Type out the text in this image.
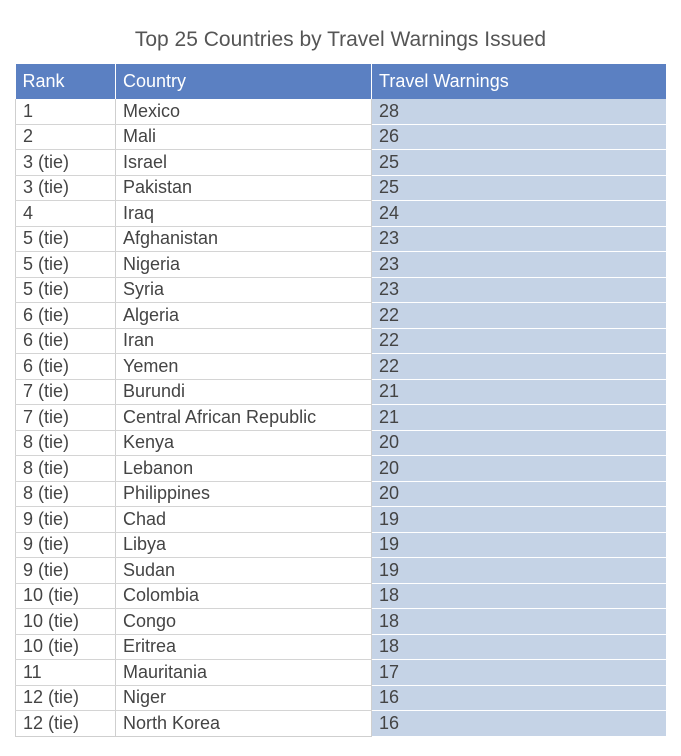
Top 25 Countries by Travel Warnings Issued
Rank	Country	Travel Warnings
1	Mexico	28
2	Mali	26
3 (tie)	Israel	25
3 (tie)	Pakistan	25
4	Iraq	24
5 (tie)	Afghanistan	23
5 (tie)	Nigeria	23
5 (tie)	Syria	23
6 (tie)	Algeria	22
6 (tie)	Iran	22
6 (tie)	Yemen	22
7 (tie)	Burundi	21
7 (tie)	Central African Republic	21
8 (tie)	Kenya	20
8 (tie)	Lebanon	20
8 (tie)	Philippines	20
9 (tie)	Chad	19
9 (tie)	Libya	19
9 (tie)	Sudan	19
10 (tie)	Colombia	18
10 (tie)	Congo	18
10 (tie)	Eritrea	18
11	Mauritania	17
12 (tie)	Niger	16
12 (tie)	North Korea	16
